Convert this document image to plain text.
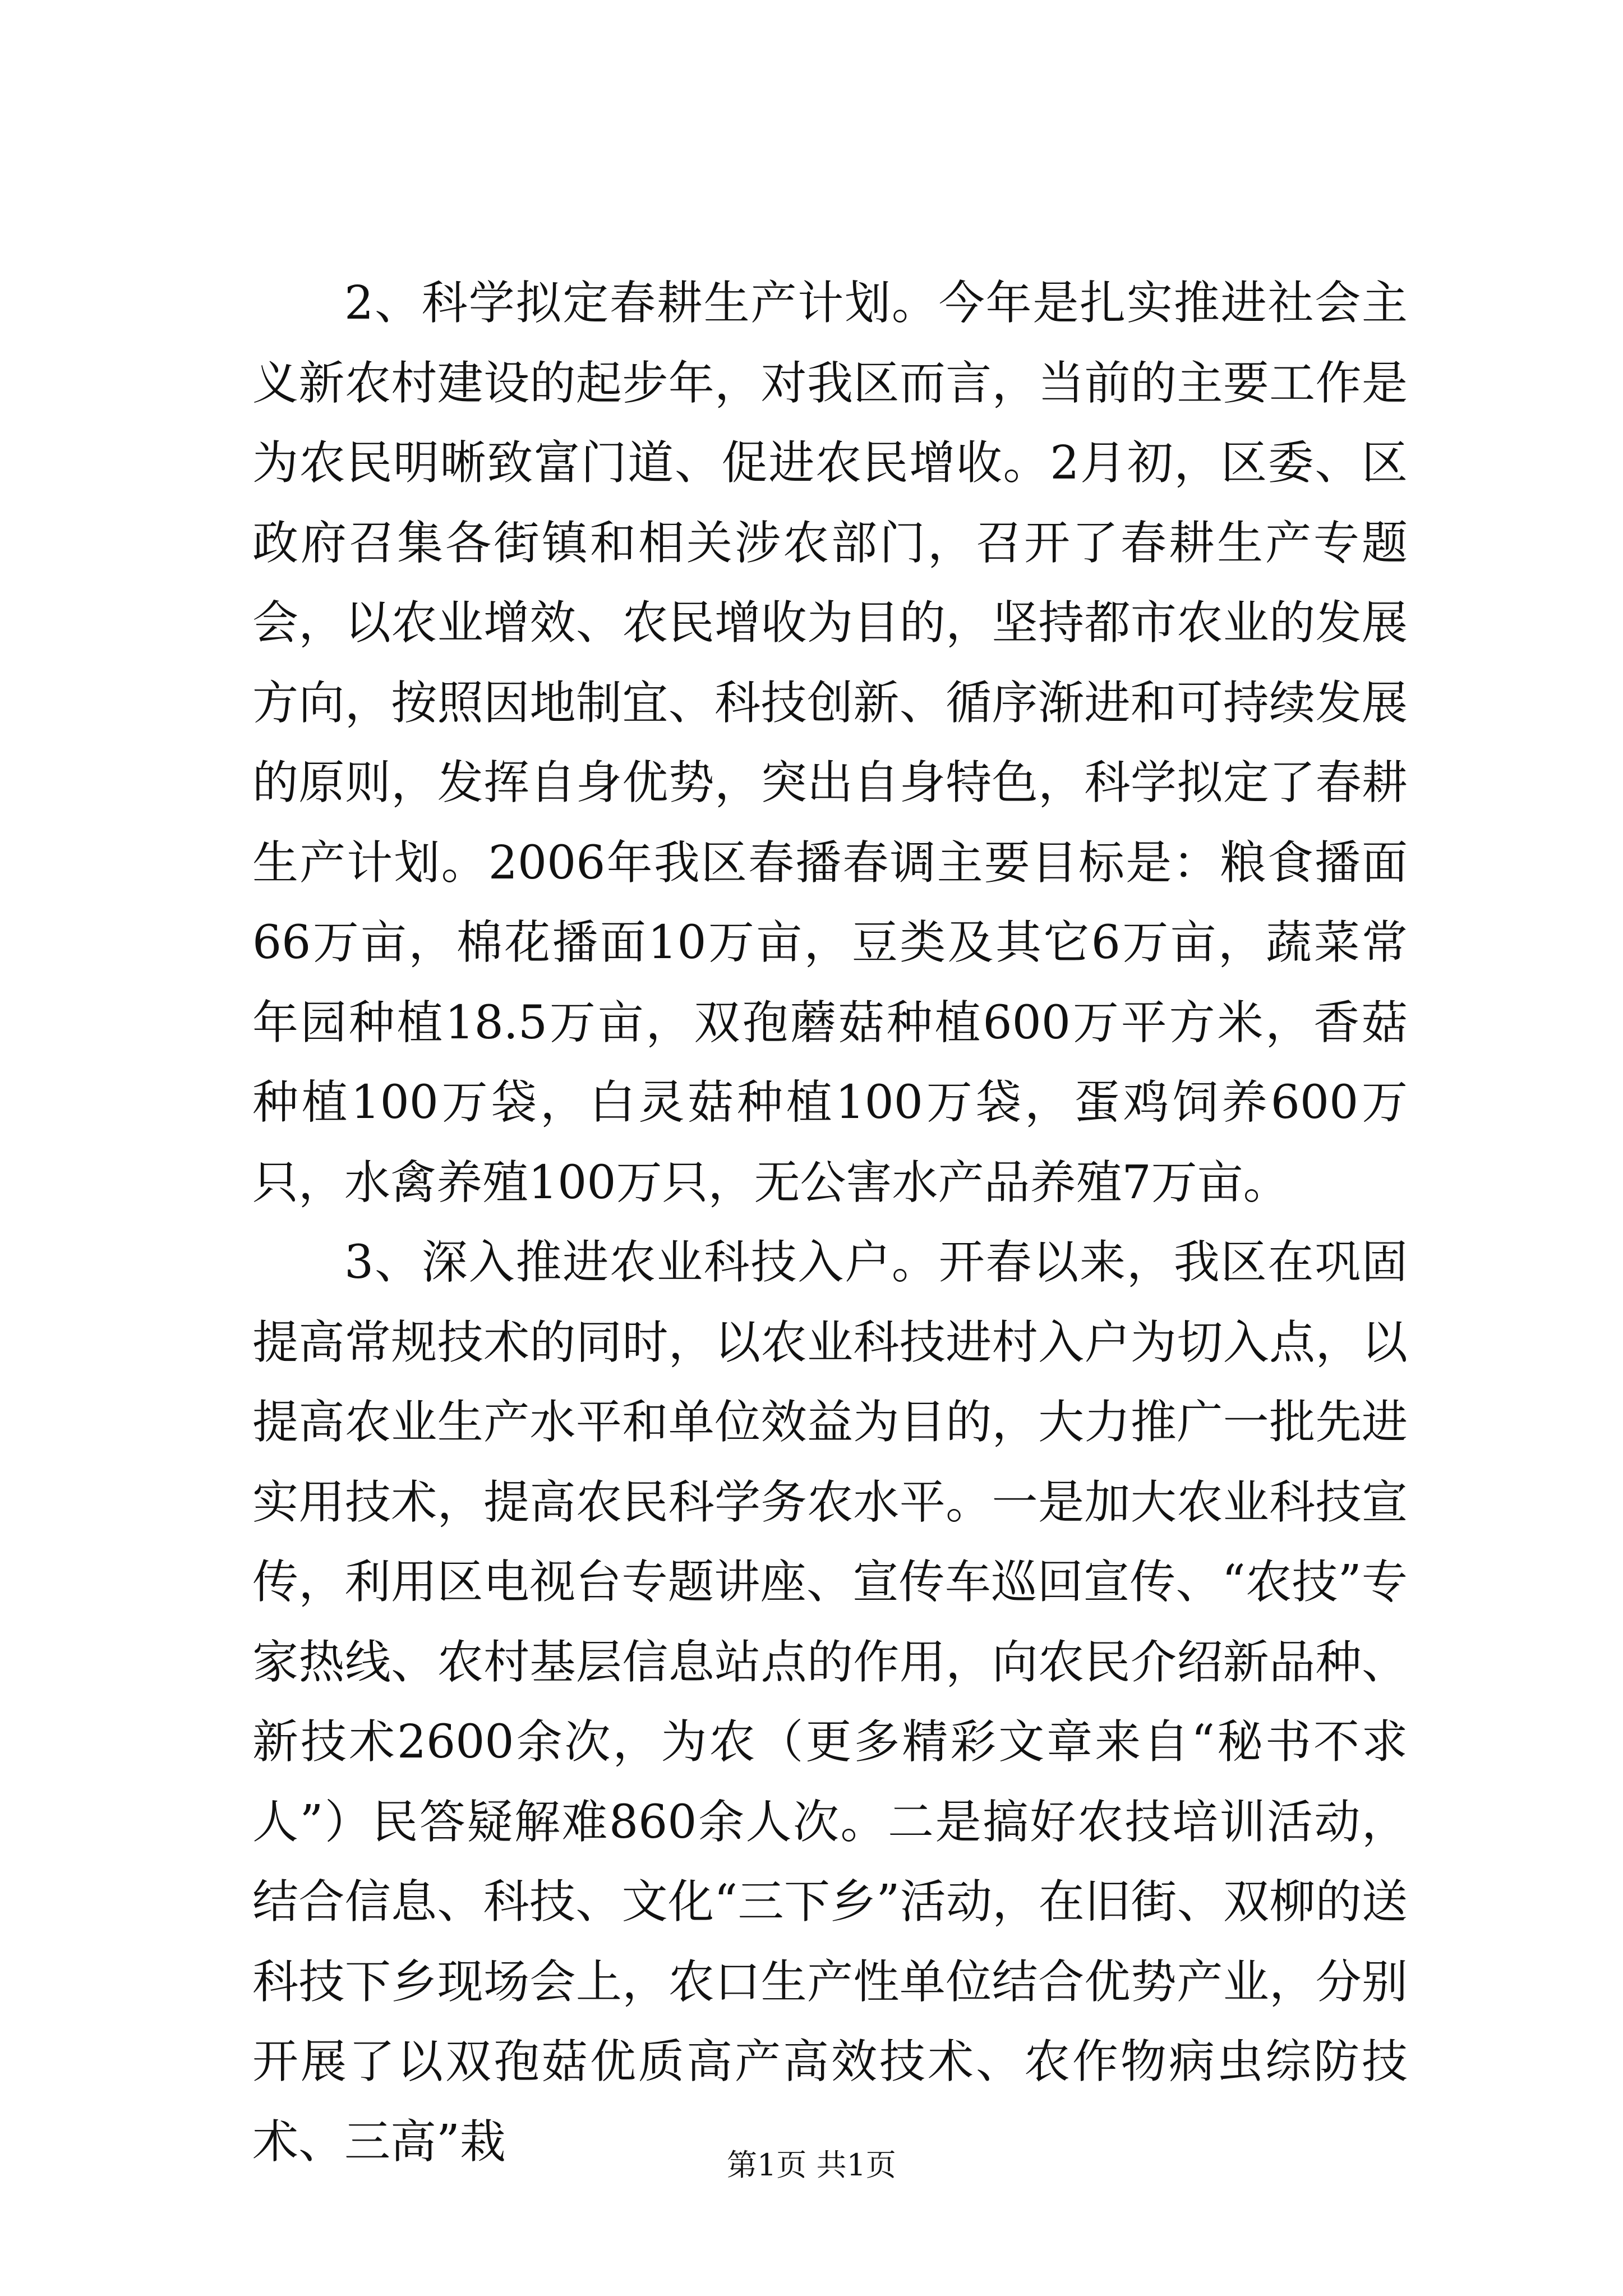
2、科学拟定春耕生产计划。今年是扎实推进社会主义新农村建设的起步年，对我区而言，当前的主要工作是为农民明晰致富门道、促进农民增收。2月初，区委、区政府召集各街镇和相关涉农部门，召开了春耕生产专题会，以农业增效、农民增收为目的，坚持都市农业的发展方向，按照因地制宜、科技创新、循序渐进和可持续发展的原则，发挥自身优势，突出自身特色，科学拟定了春耕生产计划。2006年我区春播春调主要目标是：粮食播面66万亩，棉花播面10万亩，豆类及其它6万亩，蔬菜常年园种植18.5万亩，双孢蘑菇种植600万平方米，香菇种植100万袋，白灵菇种植100万袋，蛋鸡饲养600万只，水禽养殖100万只，无公害水产品养殖7万亩。

3、深入推进农业科技入户。开春以来，我区在巩固提高常规技术的同时，以农业科技进村入户为切入点，以提高农业生产水平和单位效益为目的，大力推广一批先进实用技术，提高农民科学务农水平。一是加大农业科技宣传，利用区电视台专题讲座、宣传车巡回宣传、“农技”专家热线、农村基层信息站点的作用，向农民介绍新品种、新技术2600余次，为农（更多精彩文章来自“秘书不求人”）民答疑解难860余人次。二是搞好农技培训活动，结合信息、科技、文化“三下乡”活动，在旧街、双柳的送科技下乡现场会上，农口生产性单位结合优势产业，分别开展了以双孢菇优质高产高效技术、农作物病虫综防技术、三高”栽	第1页 共1页
